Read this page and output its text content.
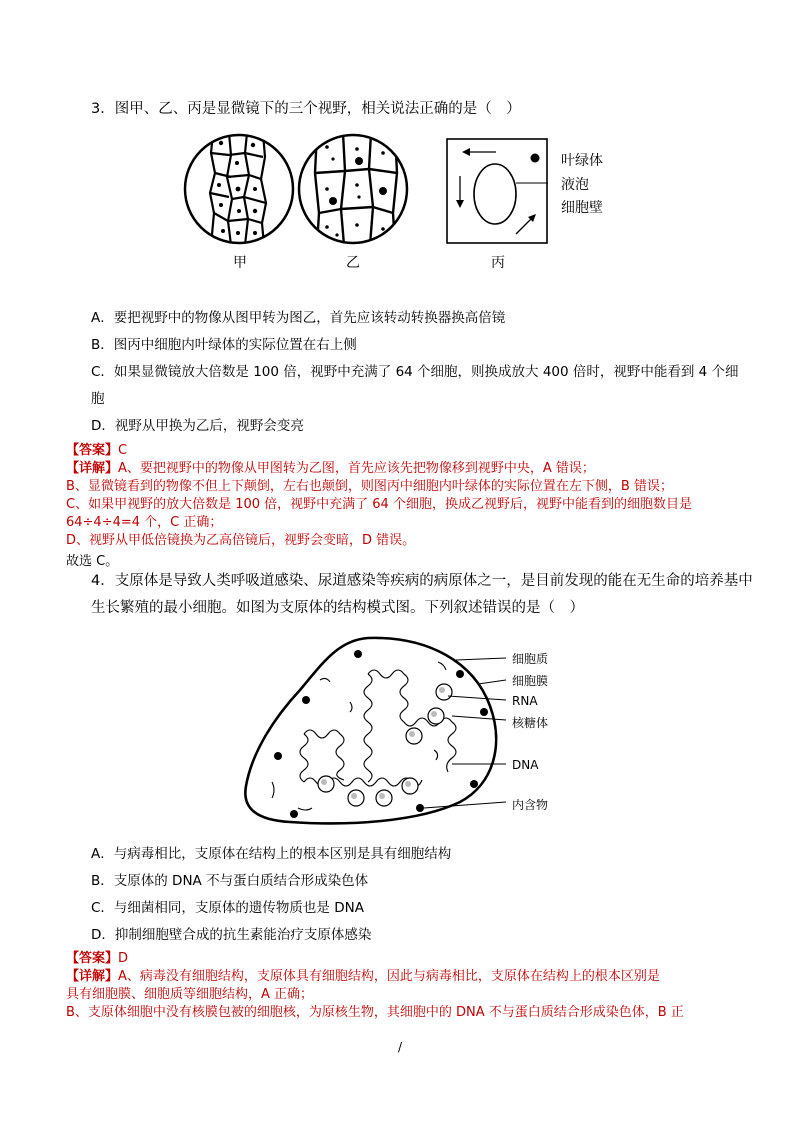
3．图甲、乙、丙是显微镜下的三个视野，相关说法正确的是（　）
甲	乙
叶绿体
液泡
细胞壁
丙
A．要把视野中的物像从图甲转为图乙，首先应该转动转换器换高倍镜
B．图丙中细胞内叶绿体的实际位置在右上侧
C．如果显微镜放大倍数是 100 倍，视野中充满了 64 个细胞，则换成放大 400 倍时，视野中能看到 4 个细
胞
D．视野从甲换为乙后，视野会变亮
【答案】C
【详解】A、要把视野中的物像从甲图转为乙图，首先应该先把物像移到视野中央，A 错误；
B、显微镜看到的物像不但上下颠倒，左右也颠倒，则图丙中细胞内叶绿体的实际位置在左下侧，B 错误；
C、如果甲视野的放大倍数是 100 倍，视野中充满了 64 个细胞，换成乙视野后，视野中能看到的细胞数目是
64÷4÷4=4 个，C 正确；
D、视野从甲低倍镜换为乙高倍镜后，视野会变暗，D 错误。
故选 C。
4．支原体是导致人类呼吸道感染、尿道感染等疾病的病原体之一，是目前发现的能在无生命的培养基中
生长繁殖的最小细胞。如图为支原体的结构模式图。下列叙述错误的是（　）
细胞质
细胞膜
RNA
核糖体
DNA
内含物
A．与病毒相比，支原体在结构上的根本区别是具有细胞结构
B．支原体的 DNA 不与蛋白质结合形成染色体
C．与细菌相同，支原体的遗传物质也是 DNA
D．抑制细胞壁合成的抗生素能治疗支原体感染
【答案】D
【详解】A、病毒没有细胞结构，支原体具有细胞结构，因此与病毒相比，支原体在结构上的根本区别是
具有细胞膜、细胞质等细胞结构，A 正确；
B、支原体细胞中没有核膜包被的细胞核，为原核生物，其细胞中的 DNA 不与蛋白质结合形成染色体，B 正
/
